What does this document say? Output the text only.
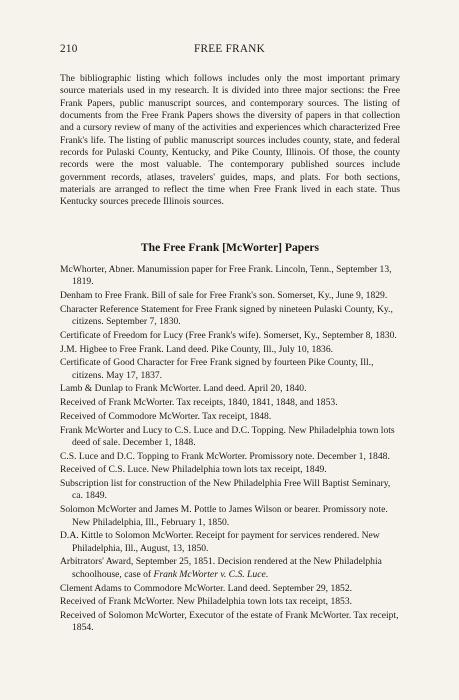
210	FREE FRANK

The bibliographic listing which follows includes only the most important primary source materials used in my research. It is divided into three major sections: the Free Frank Papers, public manuscript sources, and contemporary sources. The listing of documents from the Free Frank Papers shows the diversity of papers in that collection and a cursory review of many of the activities and experiences which characterized Free Frank's life. The listing of public manuscript sources includes county, state, and federal records for Pulaski County, Kentucky, and Pike County, Illinois. Of those, the county records were the most valuable. The contemporary published sources include government records, atlases, travelers' guides, maps, and plats. For both sections, materials are arranged to reflect the time when Free Frank lived in each state. Thus Kentucky sources precede Illinois sources.

The Free Frank [McWorter] Papers

McWhorter, Abner. Manumission paper for Free Frank. Lincoln, Tenn., September 13, 1819.

Denham to Free Frank. Bill of sale for Free Frank's son. Somerset, Ky., June 9, 1829.

Character Reference Statement for Free Frank signed by nineteen Pulaski County, Ky., citizens. September 7, 1830.

Certificate of Freedom for Lucy (Free Frank's wife). Somerset, Ky., September 8, 1830.

J.M. Higbee to Free Frank. Land deed. Pike County, Ill., July 10, 1836.

Certificate of Good Character for Free Frank signed by fourteen Pike County, Ill., citizens. May 17, 1837.

Lamb & Dunlap to Frank McWorter. Land deed. April 20, 1840.

Received of Frank McWorter. Tax receipts, 1840, 1841, 1848, and 1853.

Received of Commodore McWorter. Tax receipt, 1848.

Frank McWorter and Lucy to C.S. Luce and D.C. Topping. New Philadelphia town lots deed of sale. December 1, 1848.

C.S. Luce and D.C. Topping to Frank McWorter. Promissory note. December 1, 1848.

Received of C.S. Luce. New Philadelphia town lots tax receipt, 1849.

Subscription list for construction of the New Philadelphia Free Will Baptist Seminary, ca. 1849.

Solomon McWorter and James M. Pottle to James Wilson or bearer. Promissory note. New Philadelphia, Ill., February 1, 1850.

D.A. Kittle to Solomon McWorter. Receipt for payment for services rendered. New Philadelphia, Ill., August, 13, 1850.

Arbitrators' Award, September 25, 1851. Decision rendered at the New Philadelphia schoolhouse, case of Frank McWorter v. C.S. Luce.

Clement Adams to Commodore McWorter. Land deed. September 29, 1852.

Received of Frank McWorter. New Philadelphia town lots tax receipt, 1853.

Received of Solomon McWorter, Executor of the estate of Frank McWorter. Tax receipt, 1854.
